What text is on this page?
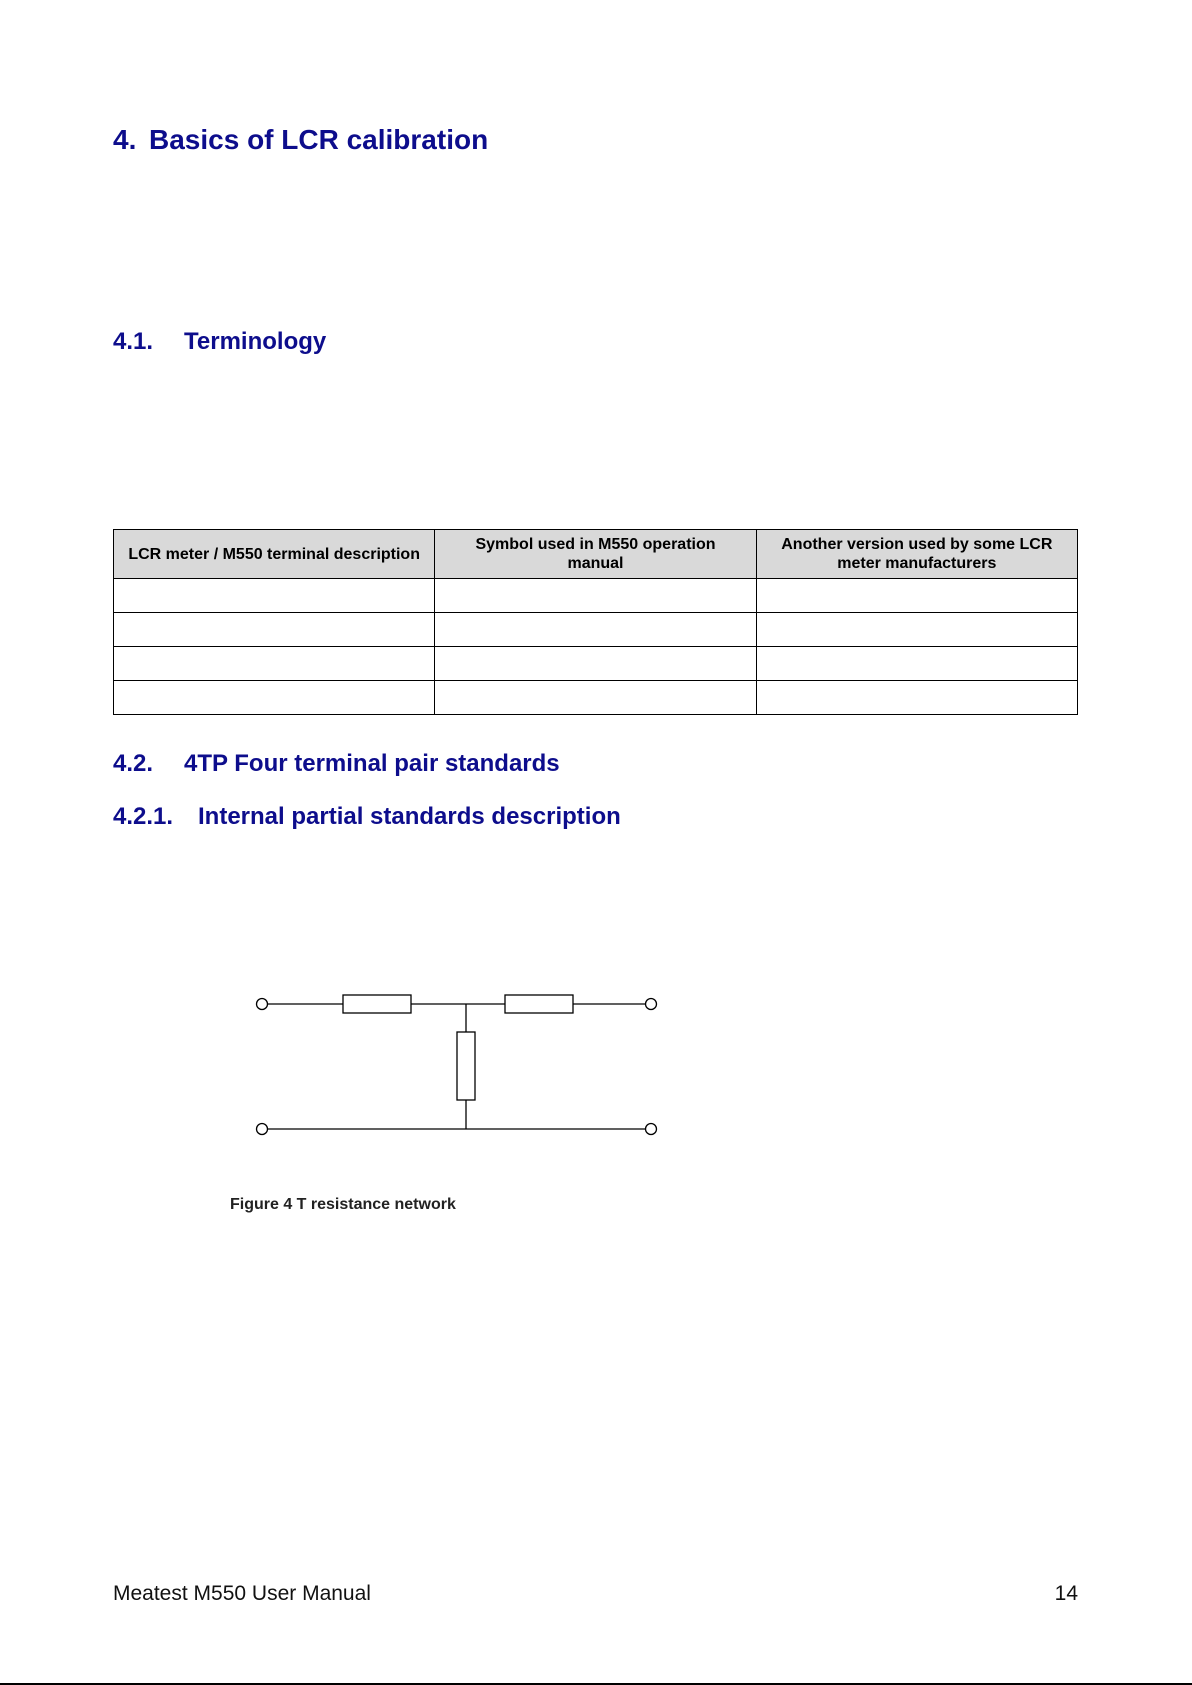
4. Basics of LCR calibration
4.1. Terminology
LCR meter / M550 terminal description	Symbol used in M550 operation manual	Another version used by some LCR meter manufacturers

4.2. 4TP Four terminal pair standards
4.2.1. Internal partial standards description
Figure 4 T resistance network
Meatest M550 User Manual	14
